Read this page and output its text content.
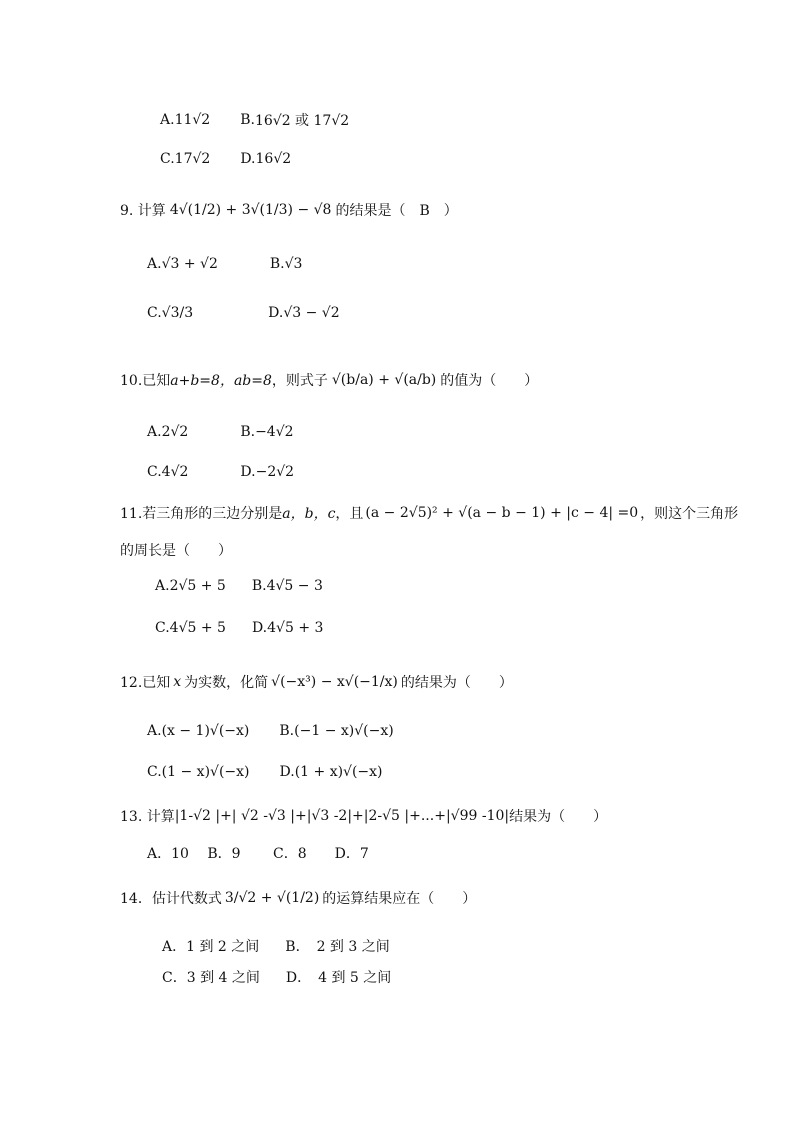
A. 11√2 B. 16√2 或 17√2
C. 17√2 D. 16√2
9. 计算 4√(1/2) + 3√(1/3) − √8 的结果是（　B　）
A. √3 + √2	B. √3
C. √3/3	D. √3 − √2
10.已知 a+b=8，ab=8 ，则式子 √(b/a) + √(a/b) 的值为（　　）
A. 2√2	B. −4√2
C. 4√2	D. −2√2
11.若三角形的三边分别是 a，b，c ，且 (a − 2√5)² + √(a − b − 1) + |c − 4| =0 ，则这个三角形
的周长是（　　）
A. 2√5 + 5 B. 4√5 − 3
C. 4√5 + 5 D. 4√5 + 3
12.已知 x 为实数，化简 √(−x³) − x√(−1/x) 的结果为（　　）
A. (x − 1)√(−x) B. (−1 − x)√(−x)
C. (1 − x)√(−x) D. (1 + x)√(−x)
13. 计算 |1-√2 |+| √2 -√3 |+|√3 -2|+|2-√5 |+...+|√99 -10| 结果为（　　）
A．10　 B．9　　 C．8　　D．7
14．估计代数式 3/√2 + √(1/2) 的运算结果应在（　　）
A．1 到 2 之间 B．　2 到 3 之间
C．3 到 4 之间 D．　4 到 5 之间
